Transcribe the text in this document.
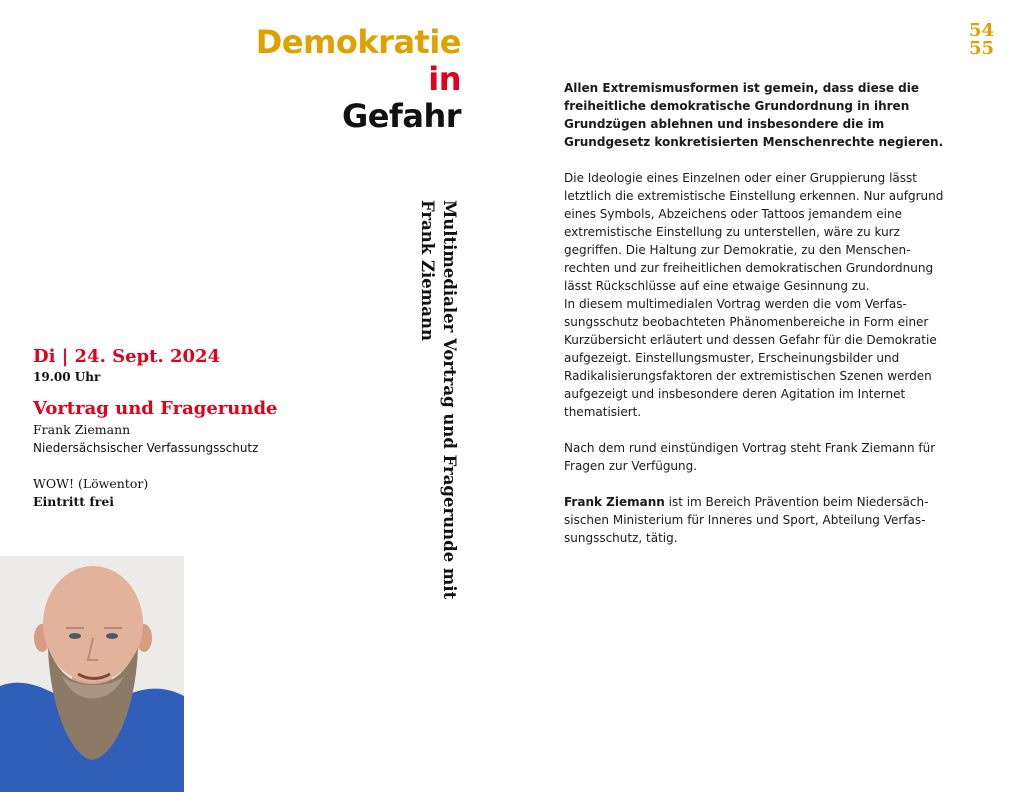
54
55
Demokratie
in
Gefahr
Multimedialer Vortrag und Fragerunde mit
Frank Ziemann
Di | 24. Sept. 2024
19.00 Uhr
Vortrag und Fragerunde
Frank Ziemann
Niedersächsischer Verfassungsschutz
WOW! (Löwentor)
Eintritt frei

Allen Extremismusformen ist gemein, dass diese die freiheitliche demokratische Grundordnung in ihren Grundzügen ablehnen und insbesondere die im Grundgesetz konkretisierten Menschenrechte negieren.

Die Ideologie eines Einzelnen oder einer Gruppierung lässt letztlich die extremistische Einstellung erkennen. Nur aufgrund eines Symbols, Abzeichens oder Tattoos jemandem eine extremistische Einstellung zu unterstellen, wäre zu kurz gegriffen. Die Haltung zur Demokratie, zu den Menschenrechten und zur freiheitlichen demokratischen Grundordnung lässt Rückschlüsse auf eine etwaige Gesinnung zu.

In diesem multimedialen Vortrag werden die vom Verfassungsschutz beobachteten Phänomenbereiche in Form einer Kurzübersicht erläutert und dessen Gefahr für die Demokratie aufgezeigt. Einstellungsmuster, Erscheinungsbilder und Radikalisierungsfaktoren der extremistischen Szenen werden aufgezeigt und insbesondere deren Agitation im Internet thematisiert.

Nach dem rund einstündigen Vortrag steht Frank Ziemann für Fragen zur Verfügung.

Frank Ziemann ist im Bereich Prävention beim Niedersächsischen Ministerium für Inneres und Sport, Abteilung Verfassungsschutz, tätig.
